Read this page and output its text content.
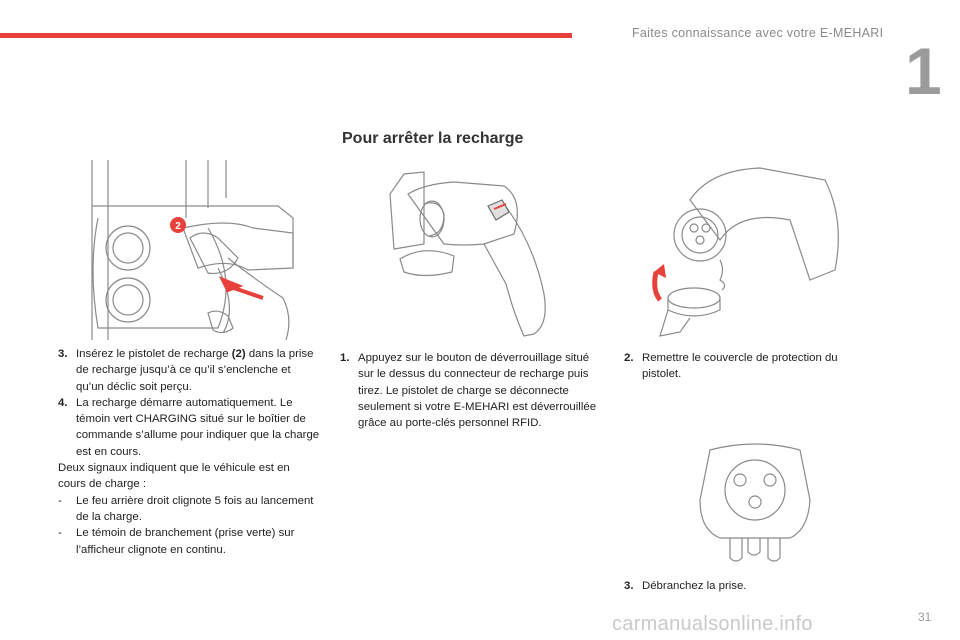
Faites connaissance avec votre E-MEHARI
1
Pour arrêter la recharge
2
3. Insérez le pistolet de recharge (2) dans la prise de recharge jusqu’à ce qu’il s’enclenche et qu’un déclic soit perçu.
4. La recharge démarre automatiquement. Le témoin vert CHARGING situé sur le boîtier de commande s’allume pour indiquer que la charge est en cours.
Deux signaux indiquent que le véhicule est en cours de charge :
- Le feu arrière droit clignote 5 fois au lancement de la charge.
- Le témoin de branchement (prise verte) sur l’afficheur clignote en continu.
1. Appuyez sur le bouton de déverrouillage situé sur le dessus du connecteur de recharge puis tirez. Le pistolet de charge se déconnecte seulement si votre E-MEHARI est déverrouillée grâce au porte-clés personnel RFID.
2. Remettre le couvercle de protection du pistolet.
3. Débranchez la prise.
carmanualsonline.info	31
